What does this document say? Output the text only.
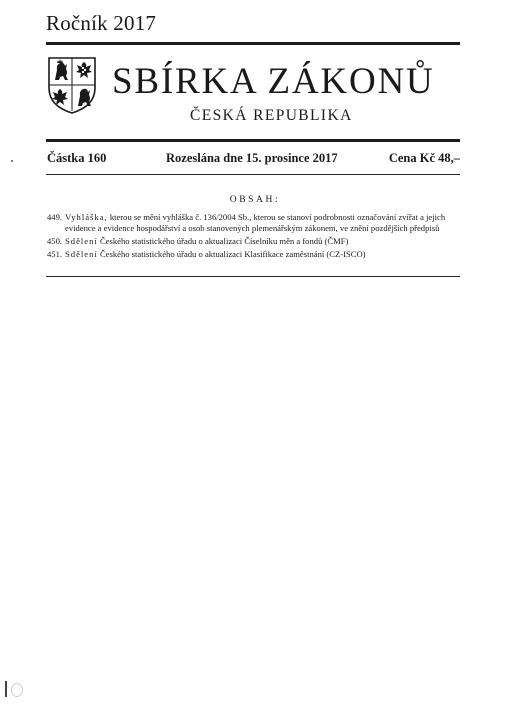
Ročník 2017
SBÍRKA ZÁKONŮ
ČESKÁ REPUBLIKA
Částka 160	Rozeslána dne 15. prosince 2017	Cena Kč 48,–
OBSAH:
449. Vyhláška, kterou se mění vyhláška č. 136/2004 Sb., kterou se stanoví podrobnosti označování zvířat a jejich evidence a evidence hospodářství a osob stanovených plemenářským zákonem, ve znění pozdějších předpisů
450. Sdělení Českého statistického úřadu o aktualizaci Číselníku měn a fondů (ČMF)
451. Sdělení Českého statistického úřadu o aktualizaci Klasifikace zaměstnání (CZ-ISCO)
